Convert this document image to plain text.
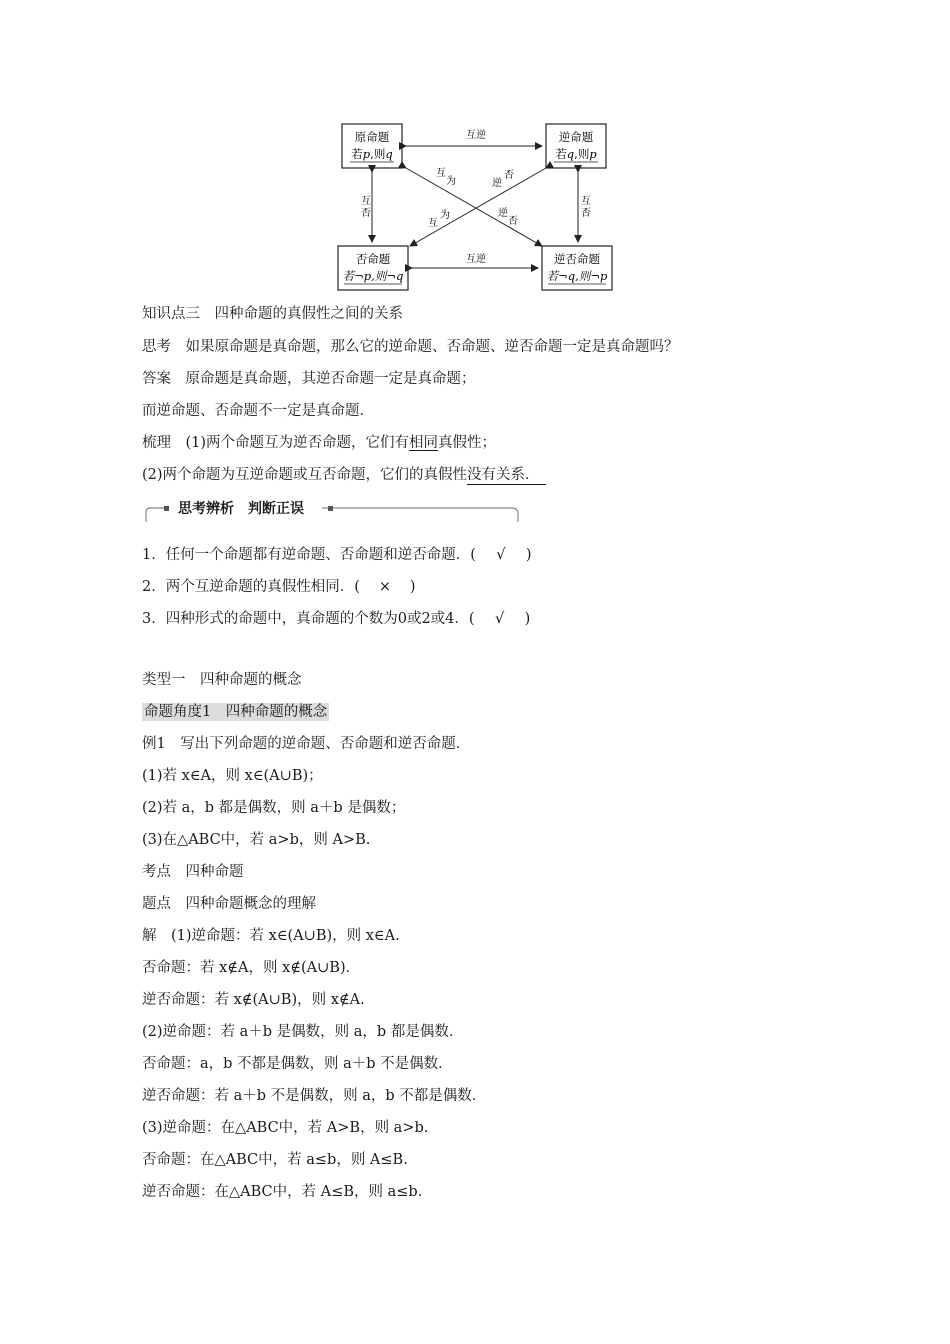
原命题
若p,则q
逆命题
若q,则p
否命题
若¬p,则¬q
逆否命题
若¬q,则¬p
互逆
互逆
互
否
互
否
互
为	逆
否
互
为	逆
否
知识点三　四种命题的真假性之间的关系
思考　如果原命题是真命题，那么它的逆命题、否命题、逆否命题一定是真命题吗？
答案　原命题是真命题，其逆否命题一定是真命题；
而逆命题、否命题不一定是真命题．
梳理　(1)两个命题互为逆否命题，它们有相同真假性；
(2)两个命题为互逆命题或互否命题，它们的真假性没有关系．
思考辨析　判断正误
1．任何一个命题都有逆命题、否命题和逆否命题．( √ )
2．两个互逆命题的真假性相同．( × )
3．四种形式的命题中，真命题的个数为0或2或4．( √ )
类型一　四种命题的概念
命题角度1　四种命题的概念
例1　写出下列命题的逆命题、否命题和逆否命题．
(1)若 x∈A，则 x∈(A∪B)；
(2)若 a，b 都是偶数，则 a＋b 是偶数；
(3)在△ABC中，若 a>b，则 A>B.
考点　四种命题
题点　四种命题概念的理解
解　(1)逆命题：若 x∈(A∪B)，则 x∈A.
否命题：若 x∉A，则 x∉(A∪B)．
逆否命题：若 x∉(A∪B)，则 x∉A.
(2)逆命题：若 a＋b 是偶数，则 a，b 都是偶数．
否命题：a，b 不都是偶数，则 a＋b 不是偶数．
逆否命题：若 a＋b 不是偶数，则 a，b 不都是偶数．
(3)逆命题：在△ABC中，若 A>B，则 a>b.
否命题：在△ABC中，若 a≤b，则 A≤B.
逆否命题：在△ABC中，若 A≤B，则 a≤b.
